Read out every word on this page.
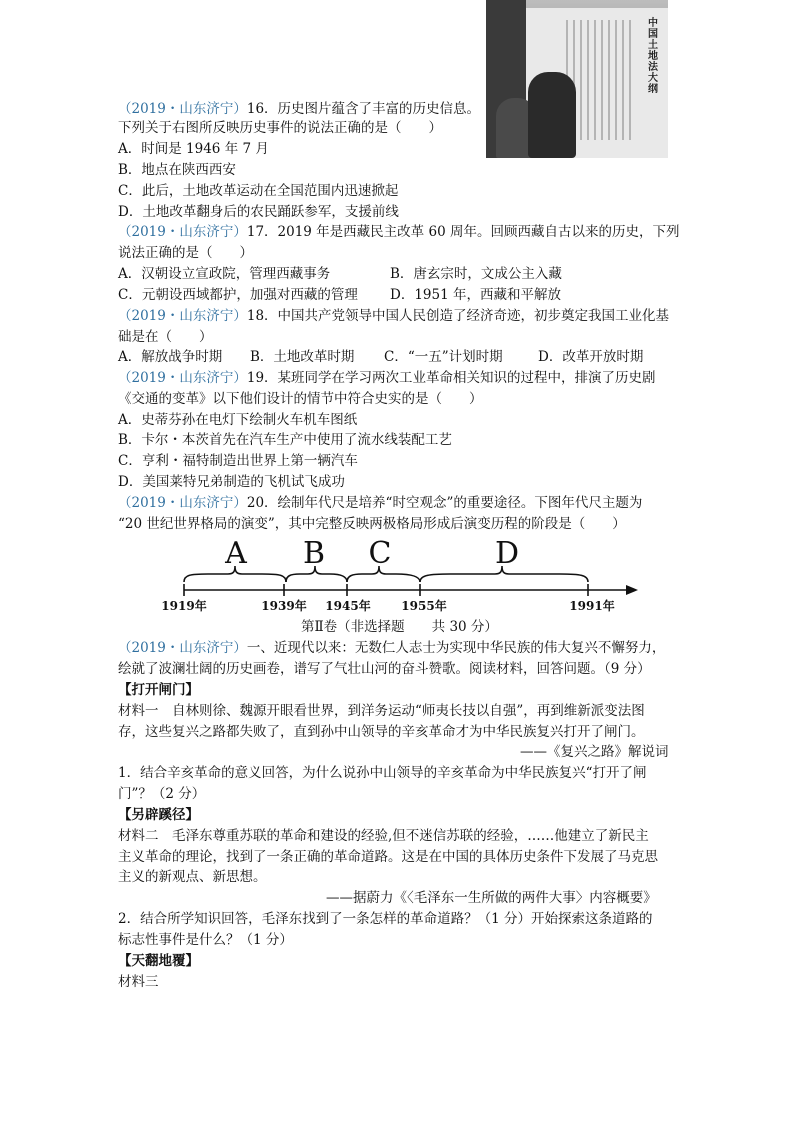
中国土地法大纲
（2019・山东济宁）16．历史图片蕴含了丰富的历史信息。
下列关于右图所反映历史事件的说法正确的是（　　）
A．时间是 1946 年 7 月
B．地点在陕西西安
C．此后，土地改革运动在全国范围内迅速掀起
D．土地改革翻身后的农民踊跃参军，支援前线
（2019・山东济宁）17．2019 年是西藏民主改革 60 周年。回顾西藏自古以来的历史，下列
说法正确的是（　　）
A．汉朝设立宣政院，管理西藏事务	B．唐玄宗时，文成公主入藏
C．元朝设西域都护，加强对西藏的管理 D．1951 年，西藏和平解放
（2019・山东济宁）18．中国共产党领导中国人民创造了经济奇迹，初步奠定我国工业化基
础是在（　　）
A．解放战争时期 B．土地改革时期 C．“一五”计划时期	D．改革开放时期
（2019・山东济宁）19．某班同学在学习两次工业革命相关知识的过程中，排演了历史剧
《交通的变革》以下他们设计的情节中符合史实的是（　　）
A．史蒂芬孙在电灯下绘制火车机车图纸
B．卡尔・本茨首先在汽车生产中使用了流水线装配工艺
C．亨利・福特制造出世界上第一辆汽车
D．美国莱特兄弟制造的飞机试飞成功
（2019・山东济宁）20．绘制年代尺是培养“时空观念”的重要途径。下图年代尺主题为
“20 世纪世界格局的演变”，其中完整反映两极格局形成后演变历程的阶段是（　　）
A B C	D
1919年	1939年 1945年	1955年	1991年
第Ⅱ卷（非选择题　　共 30 分）
（2019・山东济宁）一、近现代以来：无数仁人志士为实现中华民族的伟大复兴不懈努力，
绘就了波澜壮阔的历史画卷，谱写了气壮山河的奋斗赞歌。阅读材料，回答问题。（9 分）
【打开闸门】
材料一　自林则徐、魏源开眼看世界，到洋务运动“师夷长技以自强”，再到维新派变法图
存，这些复兴之路都失败了，直到孙中山领导的辛亥革命才为中华民族复兴打开了闸门。
——《复兴之路》解说词
1．结合辛亥革命的意义回答，为什么说孙中山领导的辛亥革命为中华民族复兴“打开了闸
门”？（2 分）
【另辟蹊径】
材料二　毛泽东尊重苏联的革命和建设的经验,但不迷信苏联的经验，……他建立了新民主
主义革命的理论，找到了一条正确的革命道路。这是在中国的具体历史条件下发展了马克思
主义的新观点、新思想。
——据蔚力《〈毛泽东一生所做的两件大事〉内容概要》
2．结合所学知识回答，毛泽东找到了一条怎样的革命道路？（1 分）开始探索这条道路的
标志性事件是什么？（1 分）
【天翻地覆】
材料三
